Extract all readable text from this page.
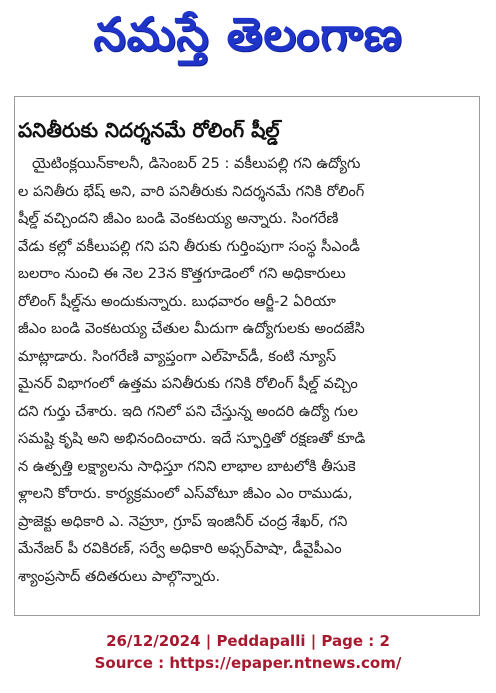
నమస్తే తెలంగాణ
పనితీరుకు నిదర్శనమే రోలింగ్ షీల్డ్
యైటింక్లయిన్‌కాలనీ, డిసెంబర్ 25 : వకీలుపల్లి గని ఉద్యోగు
ల పనితీరు భేష్ అని, వారి పనితీరుకు నిదర్శనమే గనికి రోలింగ్
షీల్డ్ వచ్చిందని జీఎం బండి వెంకటయ్య అన్నారు. సింగరేణి
వేడు కల్లో వకీలుపల్లి గని పని తీరుకు గుర్తింపుగా సంస్థ సీఎండీ
బలరాం నుంచి ఈ నెల 23న కొత్తగూడెంలో గని అధికారులు
రోలింగ్ షీల్డ్‌ను అందుకున్నారు. బుధవారం ఆర్జీ-2 ఏరియా
జీఎం బండి వెంకటయ్య చేతుల మీదుగా ఉద్యోగులకు అందజేసి
మాట్లాడారు. సింగరేణి వ్యాప్తంగా ఎల్‌హెచ్‌డీ, కంటి న్యూస్
మైనర్ విభాగంలో ఉత్తమ పనితీరుకు గనికి రోలింగ్ షీల్డ్ వచ్చిం
దని గుర్తు చేశారు. ఇది గనిలో పని చేస్తున్న అందరి ఉద్యో గుల
సమష్టి కృషి అని అభినందించారు. ఇదే స్ఫూర్తితో రక్షణతో కూడి
న ఉత్పత్తి లక్ష్యాలను సాధిస్తూ గనిని లాభాల బాటలోకి తీసుకె
ళ్లాలని కోరారు. కార్యక్రమంలో ఎస్‌వోటూ జీఎం ఎం రాముడు,
ప్రాజెక్టు అధికారి ఎ. నెహ్రూ, గ్రూప్ ఇంజినీర్ చంద్ర శేఖర్, గని
మేనేజర్ పీ రవికిరణ్, సర్వే అధికారి అఫ్సర్‌పాషా, డీవైపీఎం
శ్యాంప్రసాద్ తదితరులు పాల్గొన్నారు.
26/12/2024 | Peddapalli | Page : 2
Source : https://epaper.ntnews.com/
